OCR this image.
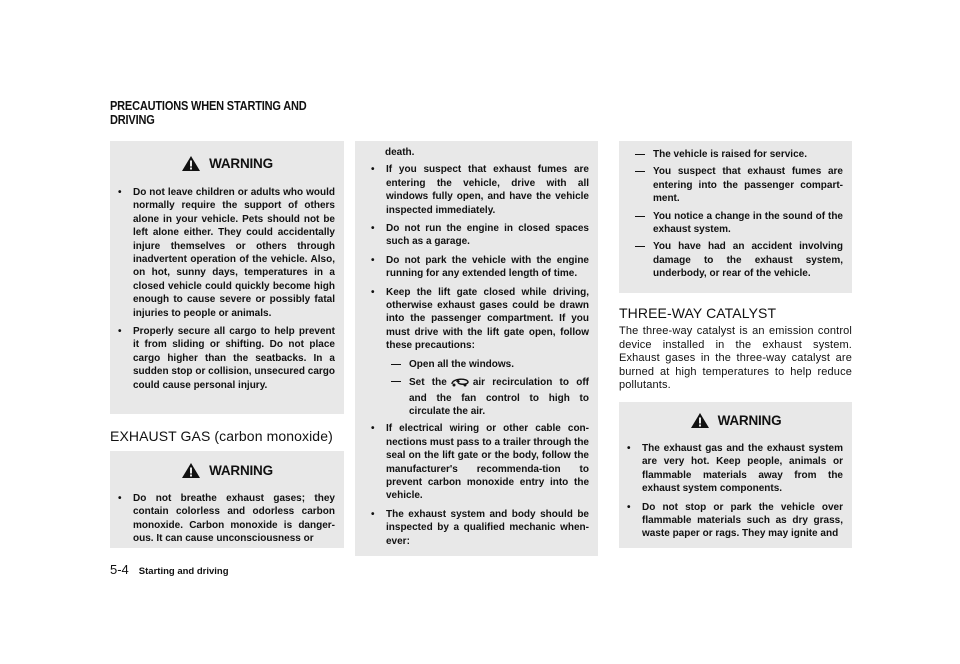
PRECAUTIONS WHEN STARTING AND
DRIVING
WARNING
• Do not leave children or adults who would normally require the support of others alone in your vehicle. Pets should not be left alone either. They could accidentally injure themselves or others through inadvertent operation of the vehicle. Also, on hot, sunny days, temperatures in a closed vehicle could quickly become high enough to cause severe or possibly fatal injuries to people or animals.
• Properly secure all cargo to help prevent it from sliding or shifting. Do not place cargo higher than the seatbacks. In a sudden stop or collision, unsecured cargo could cause personal injury.
EXHAUST GAS (carbon monoxide)
WARNING
• Do not breathe exhaust gases; they contain colorless and odorless carbon monoxide. Carbon monoxide is danger-ous. It can cause unconsciousness or
death.
• If you suspect that exhaust fumes are entering the vehicle, drive with all windows fully open, and have the vehicle inspected immediately.
• Do not run the engine in closed spaces such as a garage.
• Do not park the vehicle with the engine running for any extended length of time.
• Keep the lift gate closed while driving, otherwise exhaust gases could be drawn into the passenger compartment. If you must drive with the lift gate open, follow these precautions:
— Open all the windows.
— Set the	air recirculation to off and the fan control to high to circulate the air.
• If electrical wiring or other cable con-nections must pass to a trailer through the seal on the lift gate or the body, follow the manufacturer's recommenda-tion to prevent carbon monoxide entry into the vehicle.
• The exhaust system and body should be inspected by a qualified mechanic when-ever:
— The vehicle is raised for service.
— You suspect that exhaust fumes are entering into the passenger compart-ment.
— You notice a change in the sound of the exhaust system.
— You have had an accident involving damage to the exhaust system, underbody, or rear of the vehicle.
THREE-WAY CATALYST
The three-way catalyst is an emission control device installed in the exhaust system. Exhaust gases in the three-way catalyst are burned at high temperatures to help reduce pollutants.
WARNING
• The exhaust gas and the exhaust system are very hot. Keep people, animals or flammable materials away from the exhaust system components.
• Do not stop or park the vehicle over flammable materials such as dry grass, waste paper or rags. They may ignite and
5-4 Starting and driving
